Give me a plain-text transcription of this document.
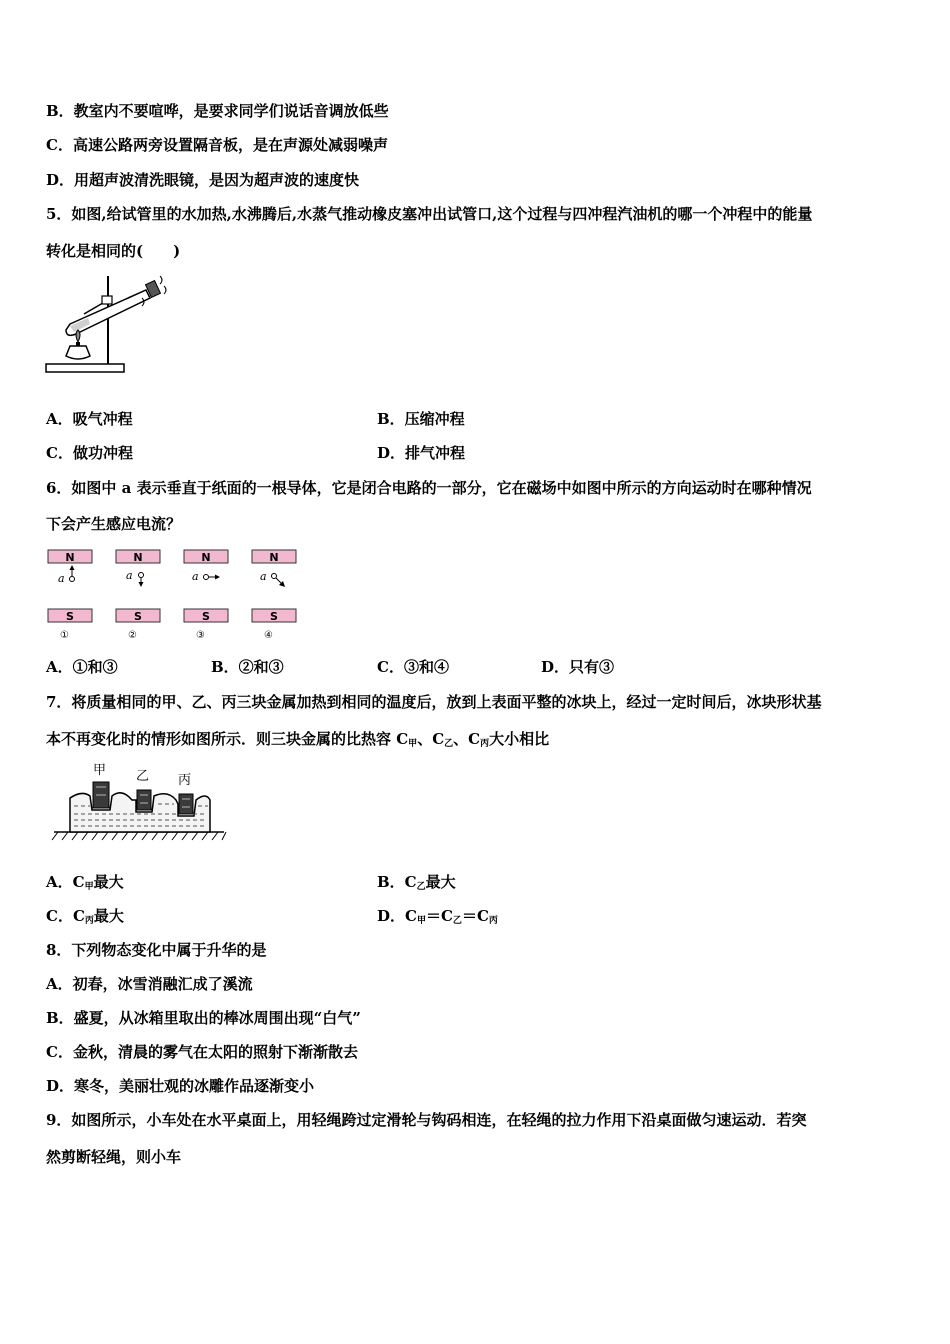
B．教室内不要喧哗，是要求同学们说话音调放低些
C．高速公路两旁设置隔音板，是在声源处减弱噪声
D．用超声波清洗眼镜，是因为超声波的速度快
5．如图,给试管里的水加热,水沸腾后,水蒸气推动橡皮塞冲出试管口,这个过程与四冲程汽油机的哪一个冲程中的能量
转化是相同的(　　)
A．吸气冲程	B．压缩冲程
C．做功冲程	D．排气冲程
6．如图中 a 表示垂直于纸面的一根导体，它是闭合电路的一部分，它在磁场中如图中所示的方向运动时在哪种情况
下会产生感应电流？
N
a
S
①
N
a
S
②
N
a
S
③
N
a
S
④
A．①和③	B．②和③	C．③和④	D．只有③
7．将质量相同的甲、乙、丙三块金属加热到相同的温度后，放到上表面平整的冰块上，经过一定时间后，冰块形状基
本不再变化时的情形如图所示．则三块金属的比热容 $C_甲$、$C_乙$、$C_丙$大小相比
甲 乙 丙
A．$C_甲$最大	B．$C_乙$最大
C．$C_丙$最大	D．$C_甲=C_乙=C_丙$
8．下列物态变化中属于升华的是
A．初春，冰雪消融汇成了溪流
B．盛夏，从冰箱里取出的棒冰周围出现“白气”
C．金秋，清晨的雾气在太阳的照射下渐渐散去
D．寒冬，美丽壮观的冰雕作品逐渐变小
9．如图所示，小车处在水平桌面上，用轻绳跨过定滑轮与钩码相连，在轻绳的拉力作用下沿桌面做匀速运动．若突
然剪断轻绳，则小车
